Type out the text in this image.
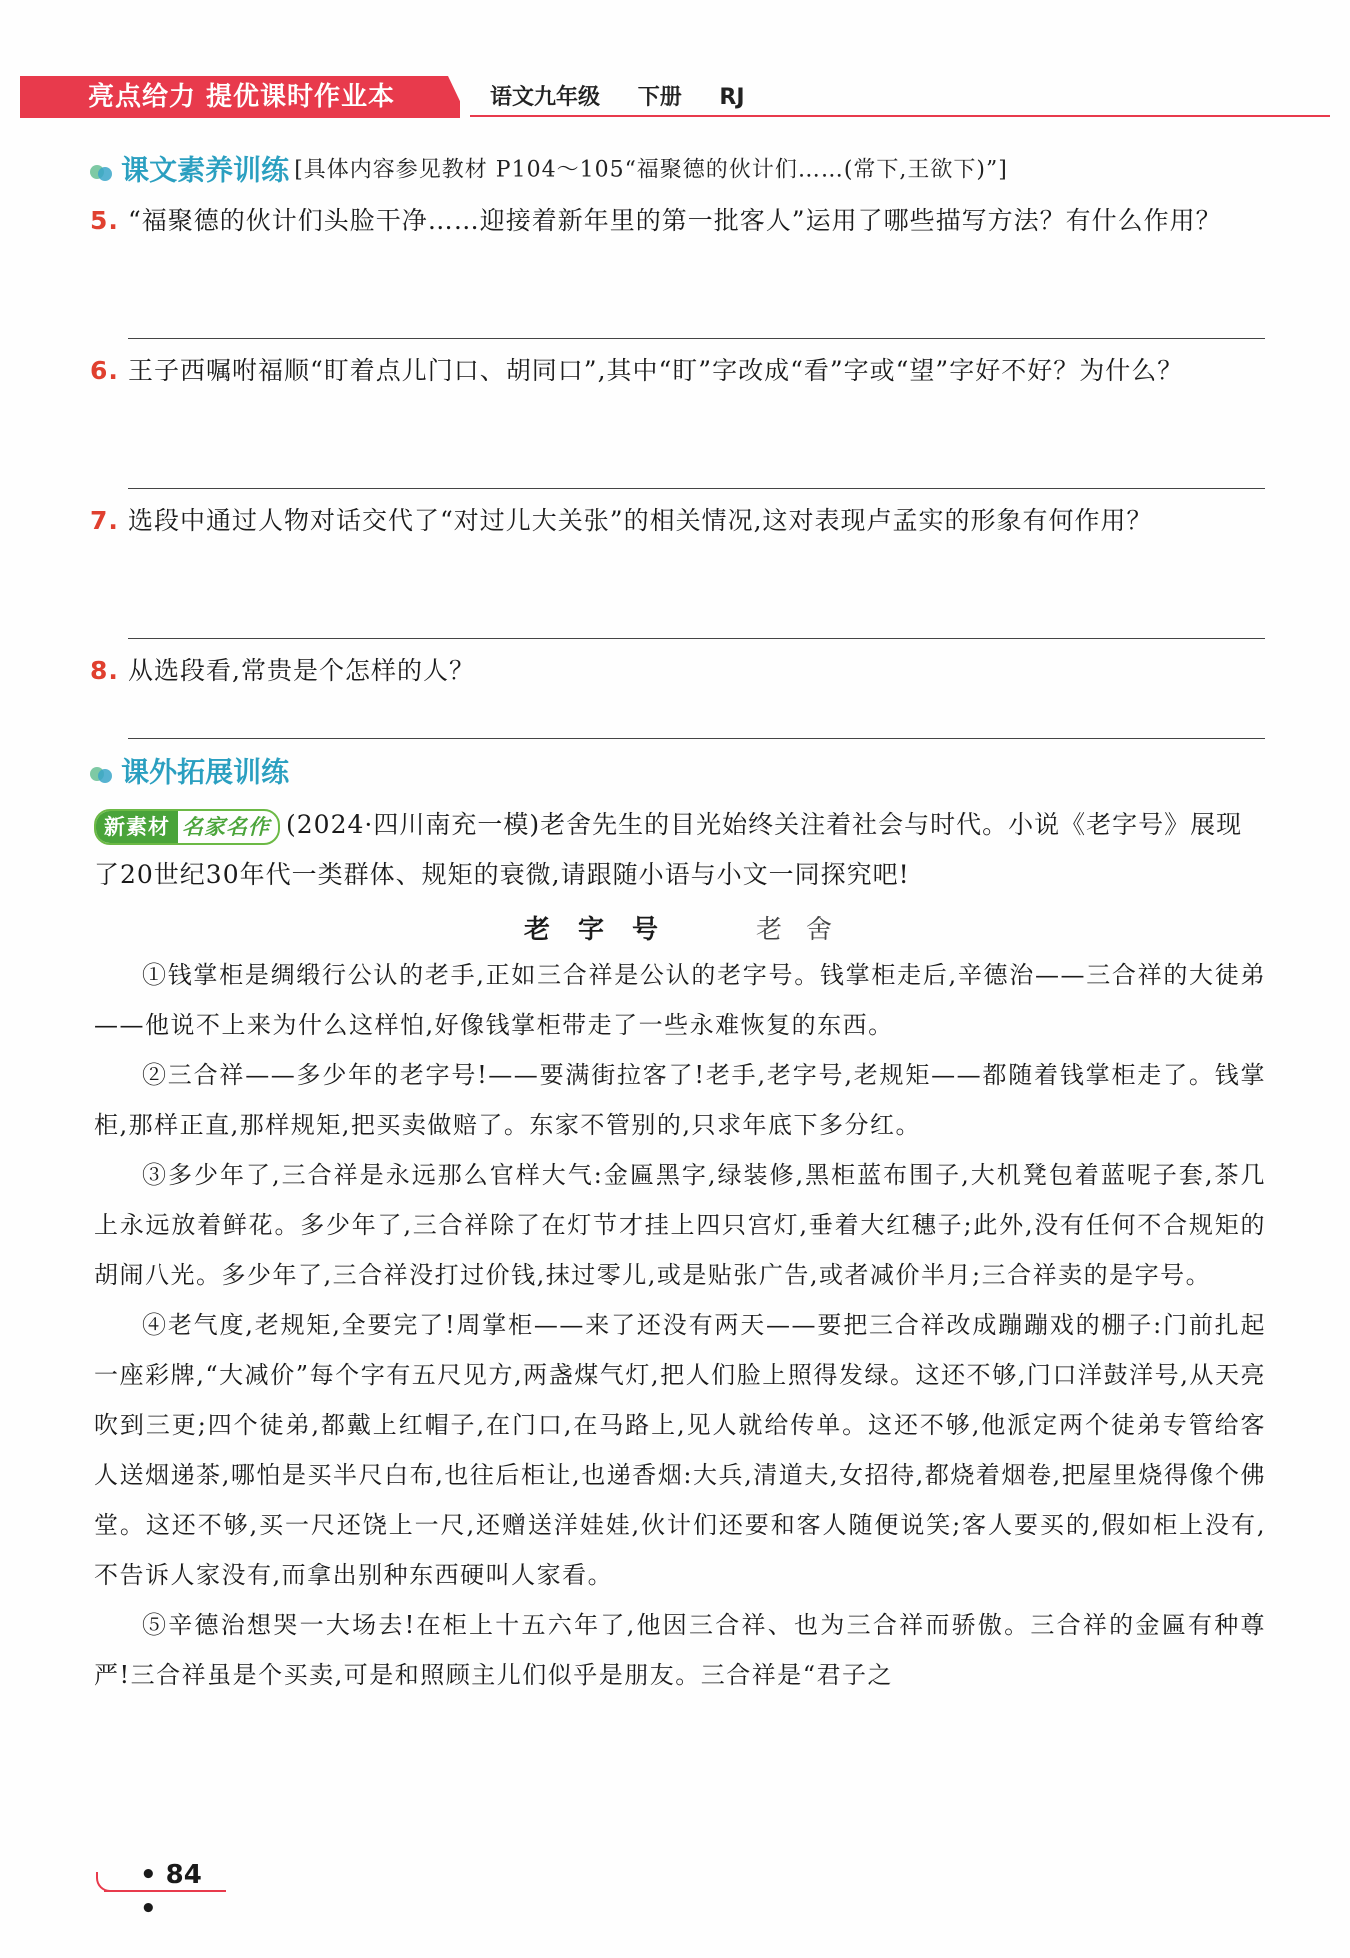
亮点给力 提优课时作业本	语文九年级 下册 RJ
课文素养训练 [具体内容参见教材 P104～105“福聚德的伙计们……(常下,王欲下)”]
5. “福聚德的伙计们头脸干净……迎接着新年里的第一批客人”运用了哪些描写方法？有什么作用？
6. 王子西嘱咐福顺“盯着点儿门口、胡同口”,其中“盯”字改成“看”字或“望”字好不好？为什么？
7. 选段中通过人物对话交代了“对过儿大关张”的相关情况,这对表现卢孟实的形象有何作用？
8. 从选段看,常贵是个怎样的人？
课外拓展训练
新素材 名家名作 (2024·四川南充一模)老舍先生的目光始终关注着社会与时代。小说《老字号》展现了20世纪30年代一类群体、规矩的衰微,请跟随小语与小文一同探究吧!
老字号	老舍

①钱掌柜是绸缎行公认的老手,正如三合祥是公认的老字号。钱掌柜走后,辛德治——三合祥的大徒弟——他说不上来为什么这样怕,好像钱掌柜带走了一些永难恢复的东西。

②三合祥——多少年的老字号!——要满街拉客了!老手,老字号,老规矩——都随着钱掌柜走了。钱掌柜,那样正直,那样规矩,把买卖做赔了。东家不管别的,只求年底下多分红。

③多少年了,三合祥是永远那么官样大气:金匾黑字,绿装修,黑柜蓝布围子,大机凳包着蓝呢子套,茶几上永远放着鲜花。多少年了,三合祥除了在灯节才挂上四只宫灯,垂着大红穗子;此外,没有任何不合规矩的胡闹八光。多少年了,三合祥没打过价钱,抹过零儿,或是贴张广告,或者减价半月;三合祥卖的是字号。

④老气度,老规矩,全要完了!周掌柜——来了还没有两天——要把三合祥改成蹦蹦戏的棚子:门前扎起一座彩牌,“大减价”每个字有五尺见方,两盏煤气灯,把人们脸上照得发绿。这还不够,门口洋鼓洋号,从天亮吹到三更;四个徒弟,都戴上红帽子,在门口,在马路上,见人就给传单。这还不够,他派定两个徒弟专管给客人送烟递茶,哪怕是买半尺白布,也往后柜让,也递香烟:大兵,清道夫,女招待,都烧着烟卷,把屋里烧得像个佛堂。这还不够,买一尺还饶上一尺,还赠送洋娃娃,伙计们还要和客人随便说笑;客人要买的,假如柜上没有,不告诉人家没有,而拿出别种东西硬叫人家看。

⑤辛德治想哭一大场去!在柜上十五六年了,他因三合祥、也为三合祥而骄傲。三合祥的金匾有种尊严!三合祥虽是个买卖,可是和照顾主儿们似乎是朋友。三合祥是“君子之

• 84 •
